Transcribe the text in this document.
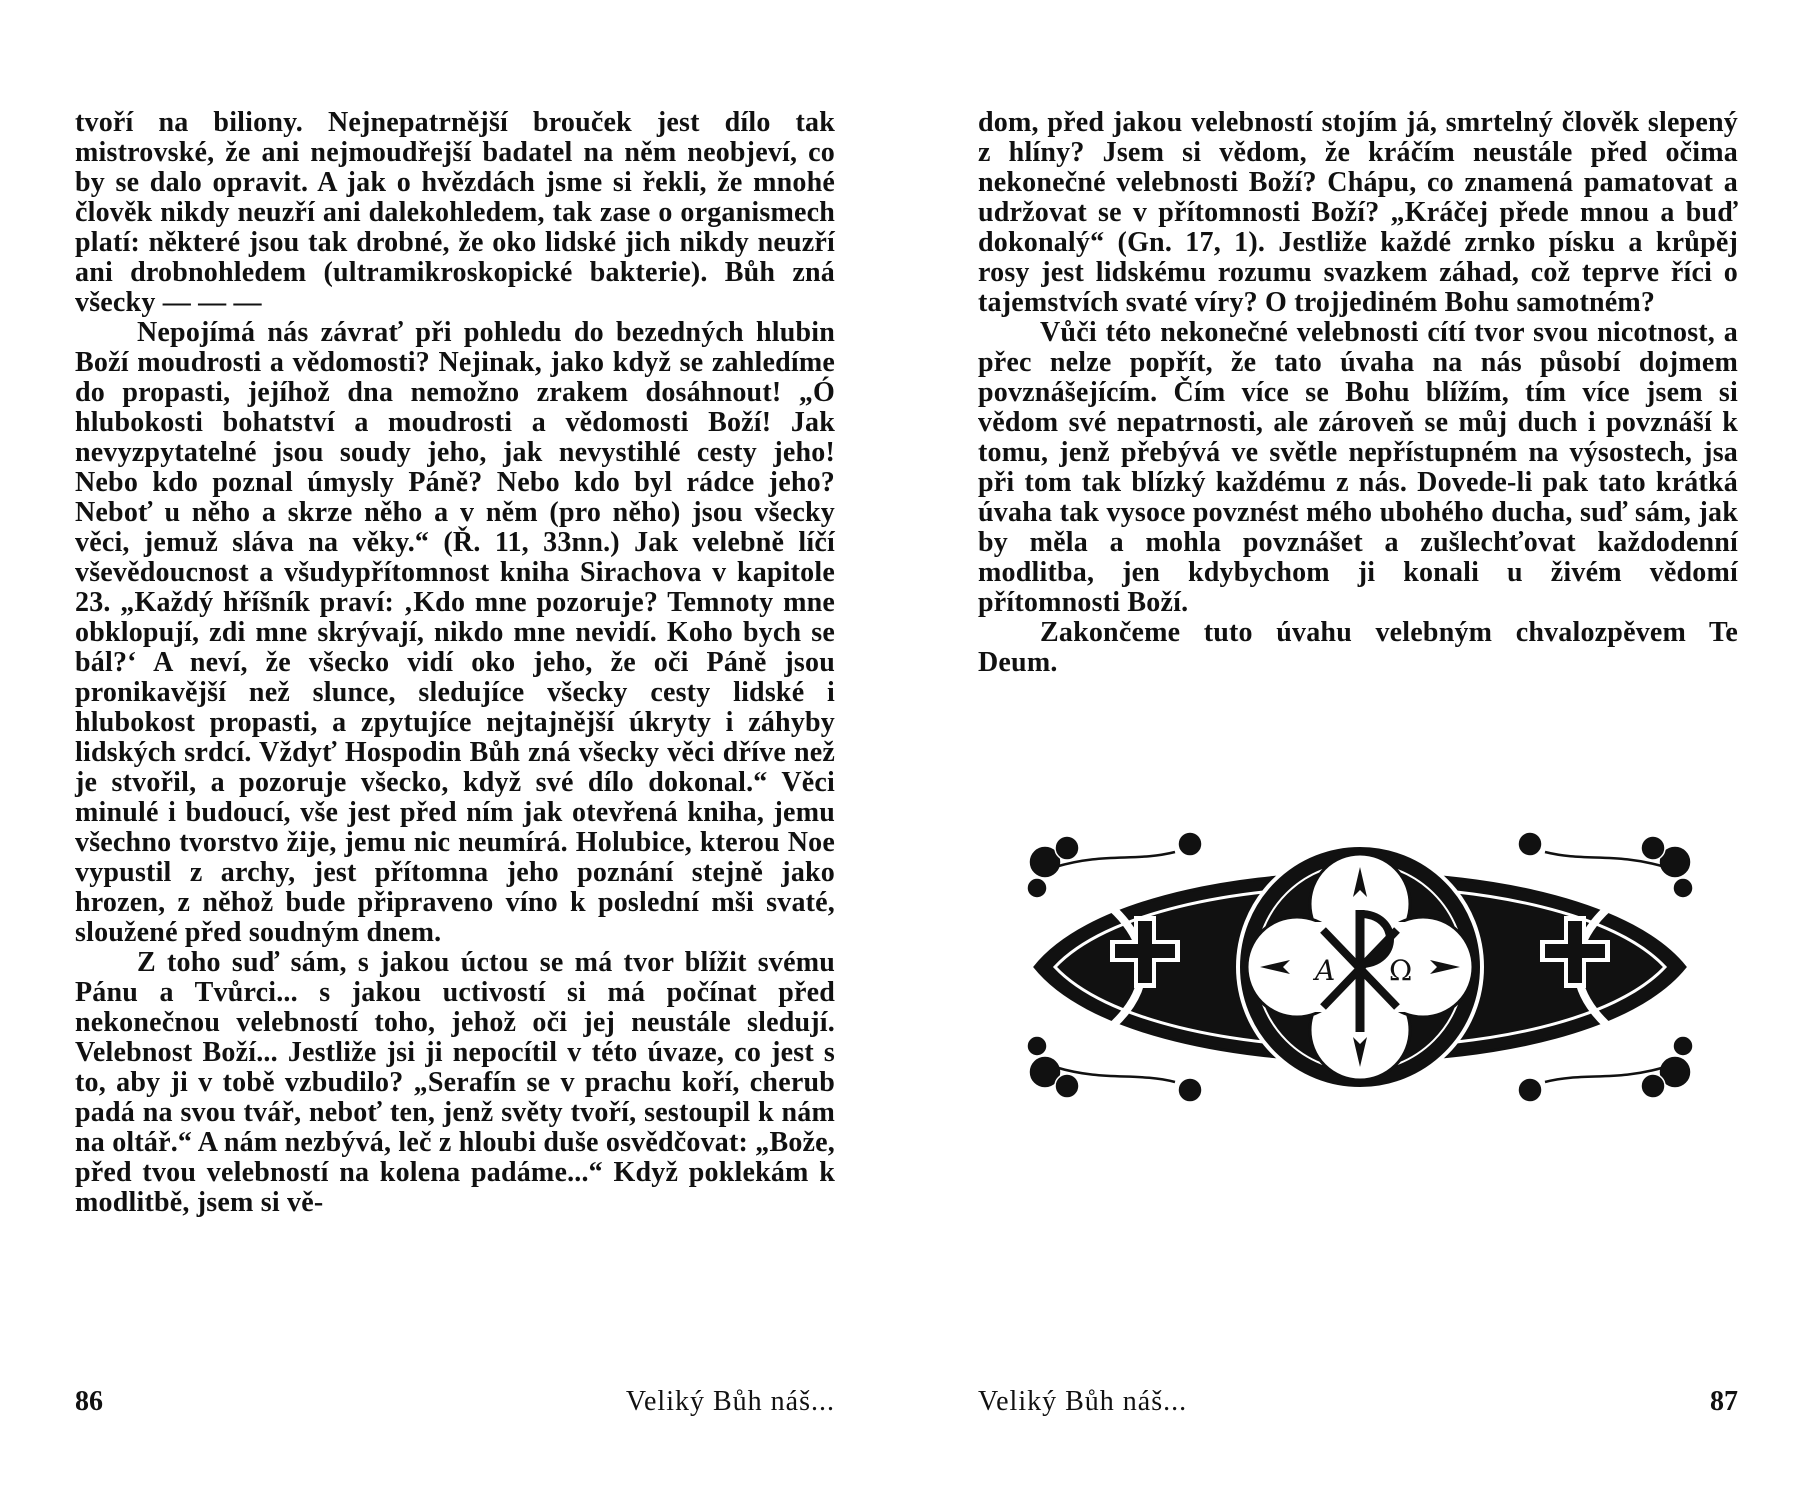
tvoří na biliony. Nejnepatrnější brouček jest dílo tak mistrovské, že ani nejmoudřejší badatel na něm neobjeví, co by se dalo opravit. A jak o hvězdách jsme si řekli, že mnohé člověk nikdy neuzří ani dalekohledem, tak zase o organismech platí: některé jsou tak drobné, že oko lidské jich nikdy neuzří ani drobnohledem (ultramikroskopické bakterie). Bůh zná všecky — — —

Nepojímá nás závrať při pohledu do bezedných hlubin Boží moudrosti a vědomosti? Nejinak, jako když se zahledíme do propasti, jejíhož dna nemožno zrakem dosáhnout! „Ó hlubokosti bohatství a moudrosti a vědomosti Boží! Jak nevyzpytatelné jsou soudy jeho, jak nevystihlé cesty jeho! Nebo kdo poznal úmysly Páně? Nebo kdo byl rádce jeho? Neboť u něho a skrze něho a v něm (pro něho) jsou všecky věci, jemuž sláva na věky.“ (Ř. 11, 33nn.) Jak velebně líčí vševědoucnost a všudypřítomnost kniha Sirachova v kapitole 23. „Každý hříšník praví: ‚Kdo mne pozoruje? Temnoty mne obklopují, zdi mne skrývají, nikdo mne nevidí. Koho bych se bál?‘ A neví, že všecko vidí oko jeho, že oči Páně jsou pronikavější než slunce, sledujíce všecky cesty lidské i hlubokost propasti, a zpytujíce nejtajnější úkryty i záhyby lidských srdcí. Vždyť Hospodin Bůh zná všecky věci dříve než je stvořil, a pozoruje všecko, když své dílo dokonal.“ Věci minulé i budoucí, vše jest před ním jak otevřená kniha, jemu všechno tvorstvo žije, jemu nic neumírá. Holubice, kterou Noe vypustil z archy, jest přítomna jeho poznání stejně jako hrozen, z něhož bude připraveno víno k poslední mši svaté, sloužené před soudným dnem.

Z toho suď sám, s jakou úctou se má tvor blížit svému Pánu a Tvůrci... s jakou uctivostí si má počínat před nekonečnou velebností toho, jehož oči jej neustále sledují. Velebnost Boží... Jestliže jsi ji nepocítil v této úvaze, co jest s to, aby ji v tobě vzbudilo? „Serafín se v prachu koří, cherub padá na svou tvář, neboť ten, jenž světy tvoří, sestoupil k nám na oltář.“ A nám nezbývá, leč z hloubi duše osvědčovat: „Bože, před tvou velebností na kolena padáme...“ Když poklekám k modlitbě, jsem si vě-

dom, před jakou velebností stojím já, smrtelný člověk slepený z hlíny? Jsem si vědom, že kráčím neustále před očima nekonečné velebnosti Boží? Chápu, co znamená pamatovat a udržovat se v přítomnosti Boží? „Kráčej přede mnou a buď dokonalý“ (Gn. 17, 1). Jestliže každé zrnko písku a krůpěj rosy jest lidskému rozumu svazkem záhad, což teprve říci o tajemstvích svaté víry? O trojjediném Bohu samotném?

Vůči této nekonečné velebnosti cítí tvor svou nicotnost, a přec nelze popřít, že tato úvaha na nás působí dojmem povznášejícím. Čím více se Bohu blížím, tím více jsem si vědom své nepatrnosti, ale zároveň se můj duch i povznáší k tomu, jenž přebývá ve světle nepřístupném na výsostech, jsa při tom tak blízký každému z nás. Dovede-li pak tato krátká úvaha tak vysoce povznést mého ubohého ducha, suď sám, jak by měla a mohla povznášet a zušlechťovat každodenní modlitba, jen kdybychom ji konali u živém vědomí přítomnosti Boží.

Zakončeme tuto úvahu velebným chvalozpěvem Te Deum.

A Ω
86	Veliký Bůh náš...	Veliký Bůh náš...	87
